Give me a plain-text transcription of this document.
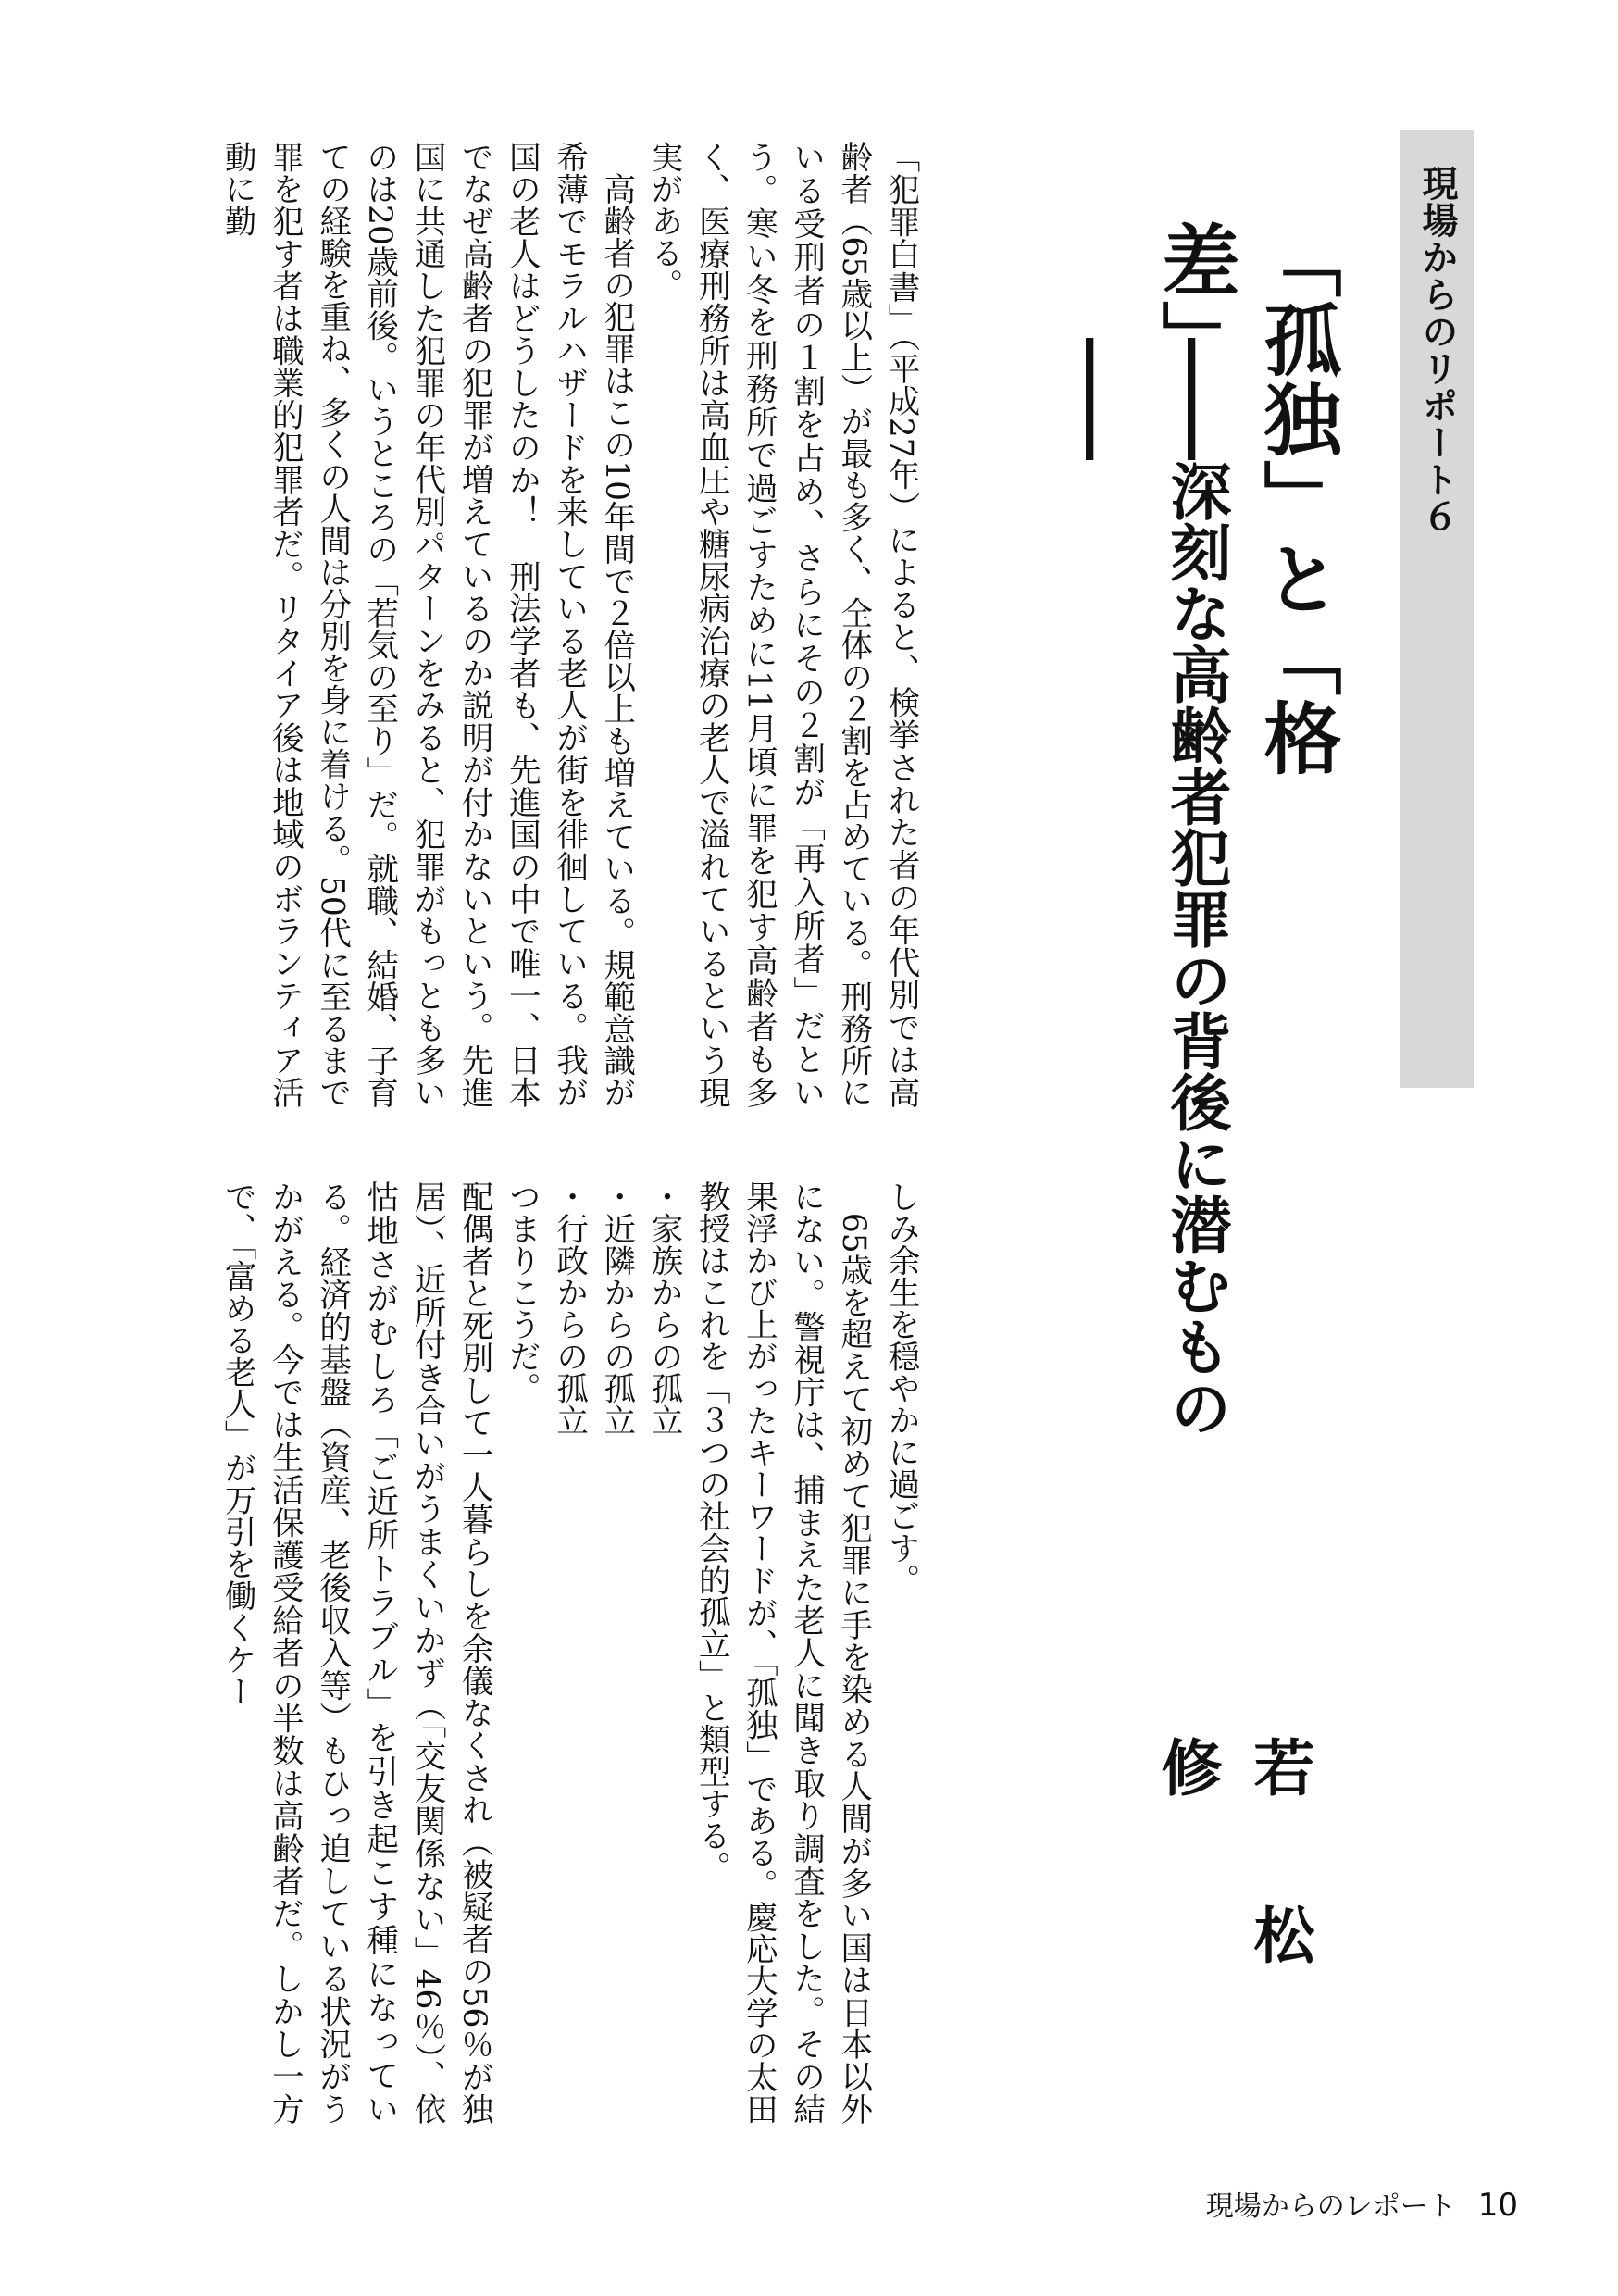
現場からのリポート６
「孤独」と「格差」
――深刻な高齢者犯罪の背後に潜むもの――
若松修

「犯罪白書」（平成27年）によると、検挙された者の年代別では高齢者（65歳以上）が最も多く、全体の２割を占めている。刑務所にいる受刑者の１割を占め、さらにその２割が「再入所者」だという。寒い冬を刑務所で過ごすために11月頃に罪を犯す高齢者も多く、医療刑務所は高血圧や糖尿病治療の老人で溢れているという現実がある。

　高齢者の犯罪はこの10年間で２倍以上も増えている。規範意識が希薄でモラルハザードを来している老人が街を徘徊している。我が国の老人はどうしたのか！　刑法学者も、先進国の中で唯一、日本でなぜ高齢者の犯罪が増えているのか説明が付かないという。先進国に共通した犯罪の年代別パターンをみると、犯罪がもっとも多いのは20歳前後。いうところの「若気の至り」だ。就職、結婚、子育ての経験を重ね、多くの人間は分別を身に着ける。50代に至るまで罪を犯す者は職業的犯罪者だ。リタイア後は地域のボランティア活動に勤

しみ余生を穏やかに過ごす。

　65歳を超えて初めて犯罪に手を染める人間が多い国は日本以外にない。警視庁は、捕まえた老人に聞き取り調査をした。その結果浮かび上がったキーワードが、「孤独」である。慶応大学の太田教授はこれを「３つの社会的孤立」と類型する。

・家族からの孤立

・近隣からの孤立

・行政からの孤立

つまりこうだ。

配偶者と死別して一人暮らしを余儀なくされ（被疑者の56％が独居）、近所付き合いがうまくいかず（「交友関係ない」46％）、依怙地さがむしろ「ご近所トラブル」を引き起こす種になっている。経済的基盤（資産、老後収入等）もひっ迫している状況がうかがえる。今では生活保護受給者の半数は高齢者だ。しかし一方で、「富める老人」が万引を働くケー

現場からのレポート 10
